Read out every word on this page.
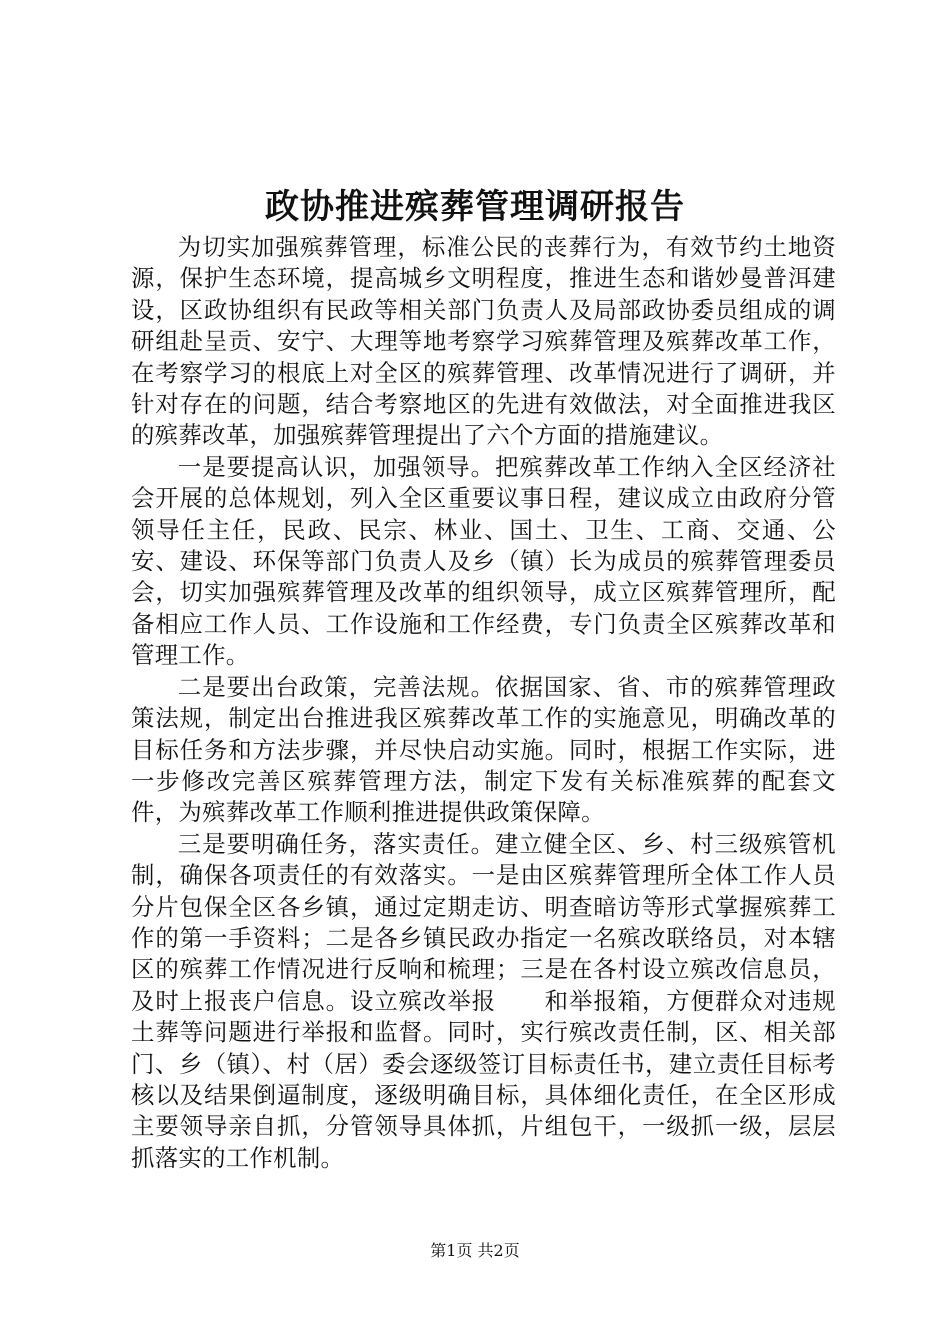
政协推进殡葬管理调研报告

为切实加强殡葬管理，标准公民的丧葬行为，有效节约土地资源，保护生态环境，提高城乡文明程度，推进生态和谐妙曼普洱建设，区政协组织有民政等相关部门负责人及局部政协委员组成的调研组赴呈贡、安宁、大理等地考察学习殡葬管理及殡葬改革工作，在考察学习的根底上对全区的殡葬管理、改革情况进行了调研，并针对存在的问题，结合考察地区的先进有效做法，对全面推进我区的殡葬改革，加强殡葬管理提出了六个方面的措施建议。

一是要提高认识，加强领导。把殡葬改革工作纳入全区经济社会开展的总体规划，列入全区重要议事日程，建议成立由政府分管领导任主任，民政、民宗、林业、国土、卫生、工商、交通、公安、建设、环保等部门负责人及乡（镇）长为成员的殡葬管理委员会，切实加强殡葬管理及改革的组织领导，成立区殡葬管理所，配备相应工作人员、工作设施和工作经费，专门负责全区殡葬改革和管理工作。

二是要出台政策，完善法规。依据国家、省、市的殡葬管理政策法规，制定出台推进我区殡葬改革工作的实施意见，明确改革的目标任务和方法步骤，并尽快启动实施。同时，根据工作实际，进一步修改完善区殡葬管理方法，制定下发有关标准殡葬的配套文件，为殡葬改革工作顺利推进提供政策保障。

三是要明确任务，落实责任。建立健全区、乡、村三级殡管机制，确保各项责任的有效落实。一是由区殡葬管理所全体工作人员分片包保全区各乡镇，通过定期走访、明查暗访等形式掌握殡葬工作的第一手资料；二是各乡镇民政办指定一名殡改联络员，对本辖区的殡葬工作情况进行反响和梳理；三是在各村设立殡改信息员，及时上报丧户信息。设立殡改举报　　和举报箱，方便群众对违规土葬等问题进行举报和监督。同时，实行殡改责任制，区、相关部门、乡（镇）、村（居）委会逐级签订目标责任书，建立责任目标考核以及结果倒逼制度，逐级明确目标，具体细化责任，在全区形成主要领导亲自抓，分管领导具体抓，片组包干，一级抓一级，层层抓落实的工作机制。

第1页 共2页
